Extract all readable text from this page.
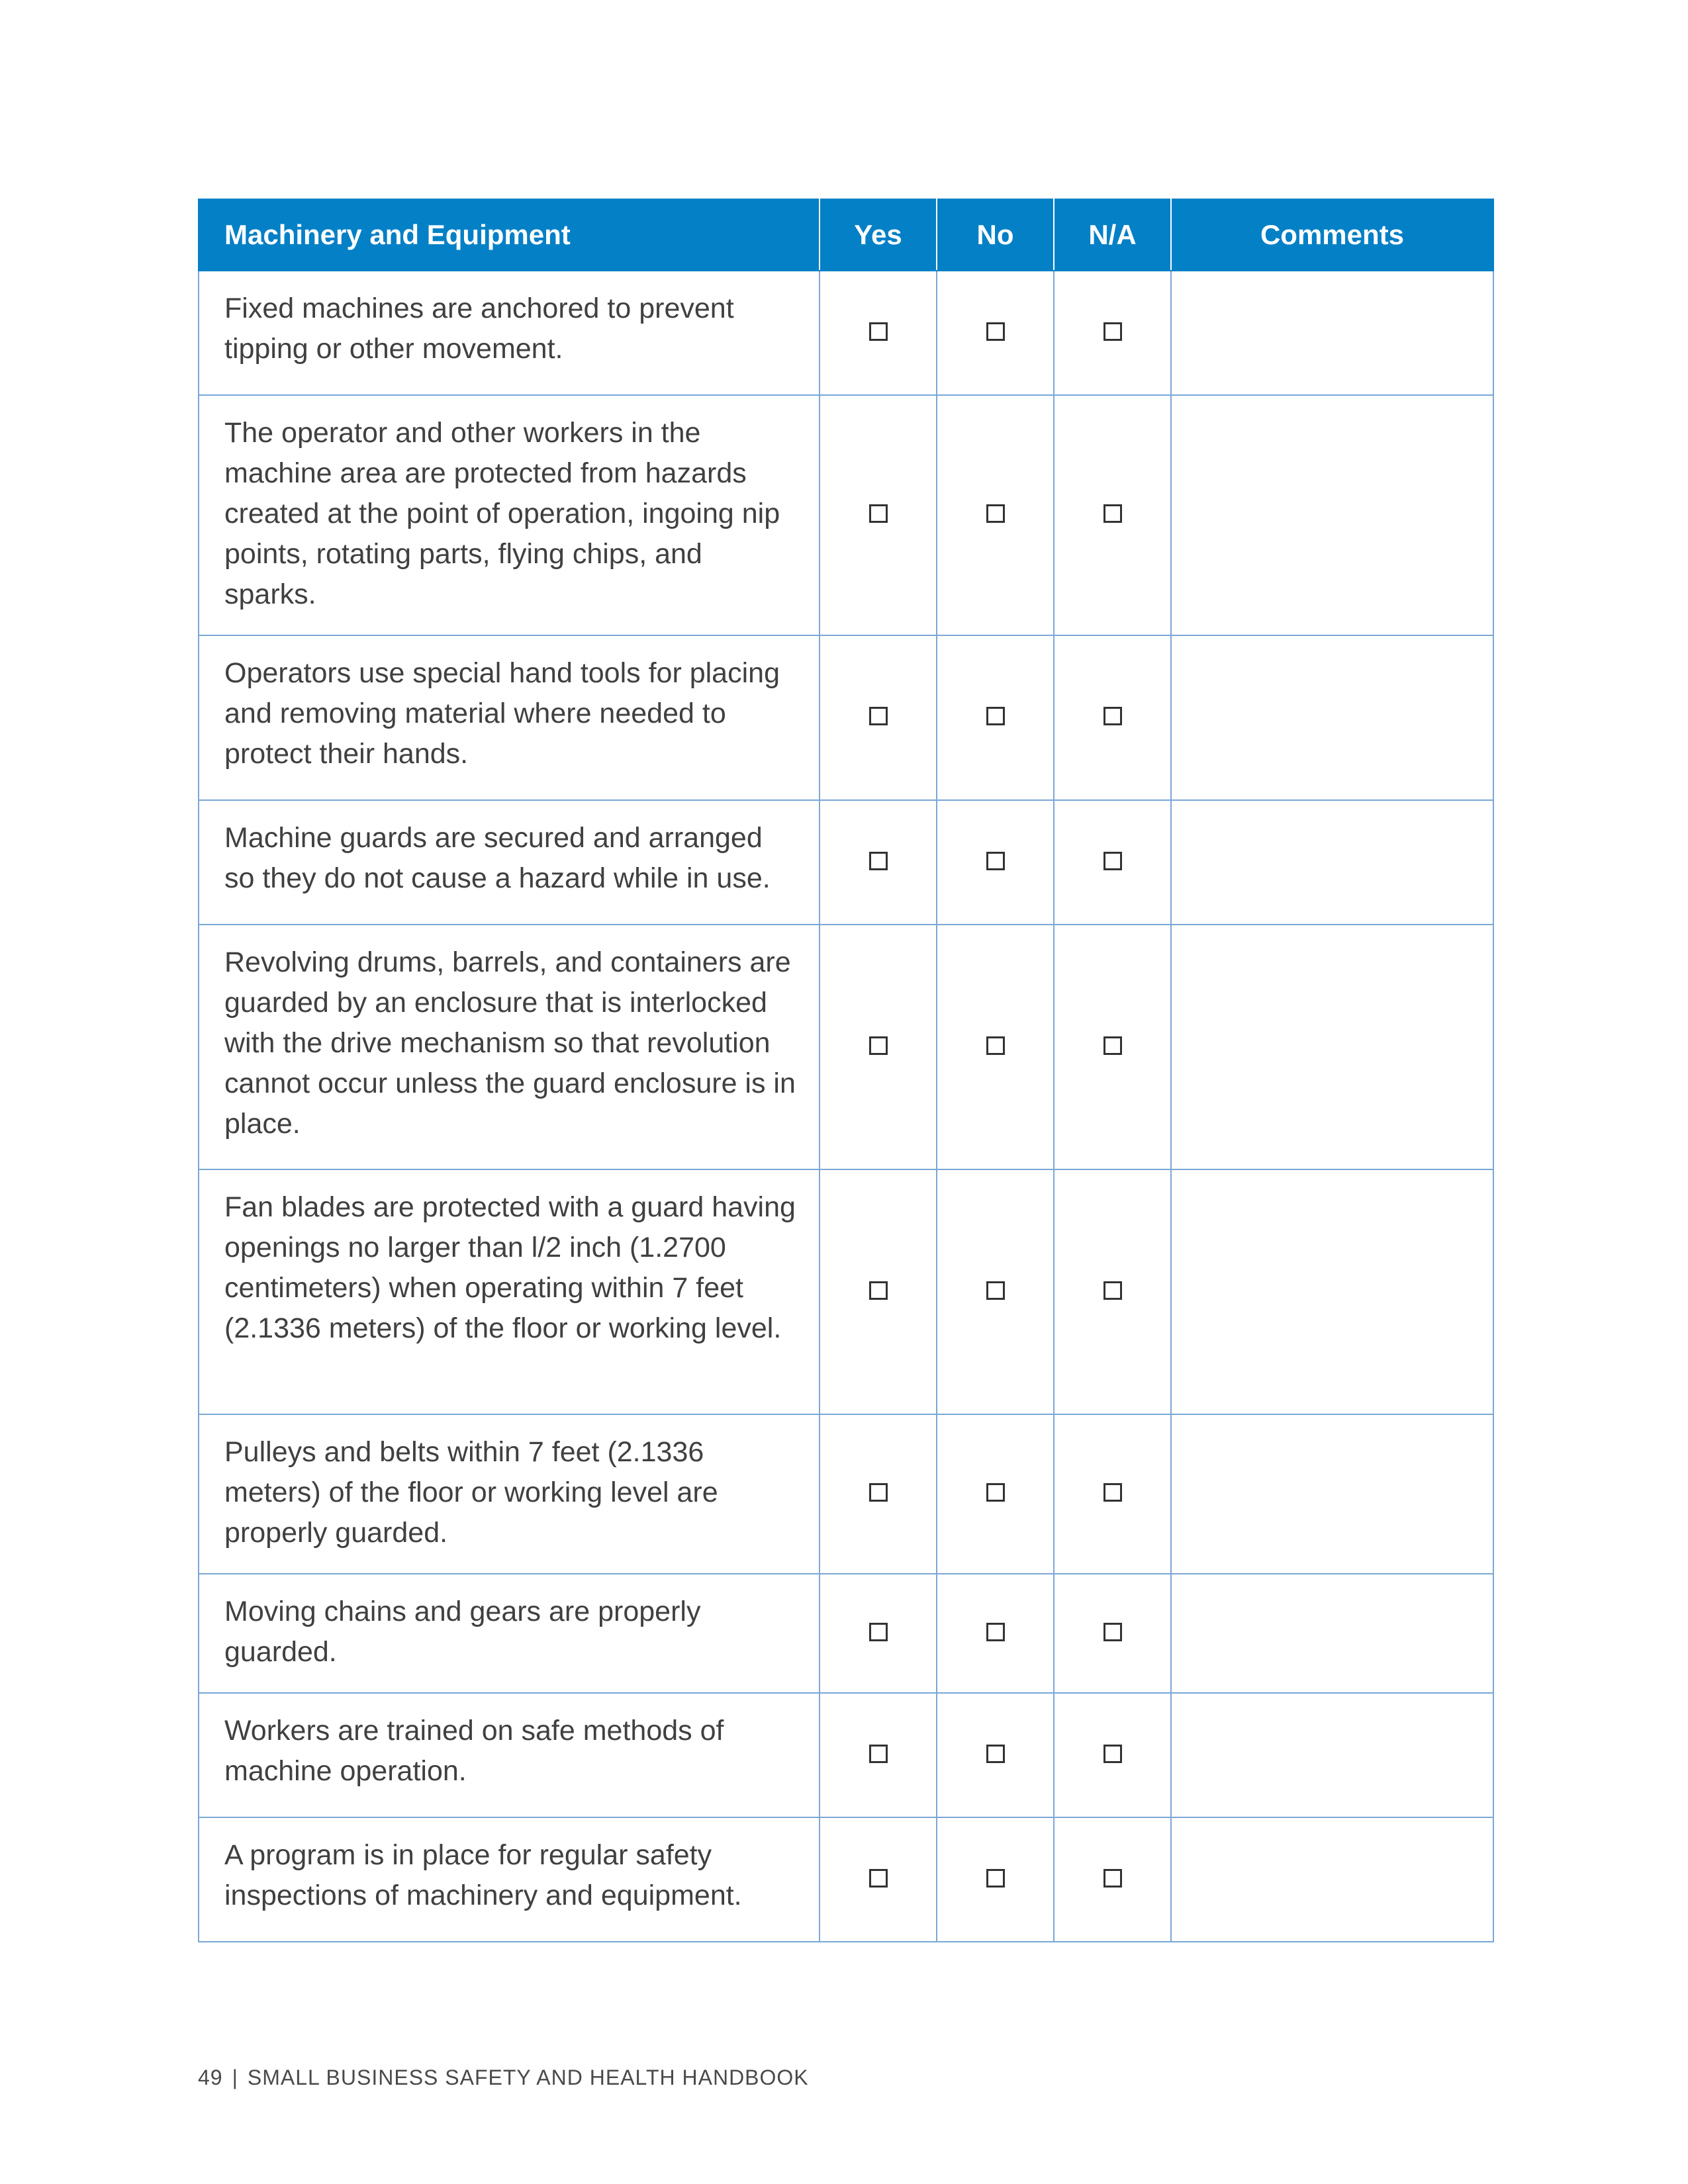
Machinery and Equipment	Yes	No	N/A	Comments
Fixed machines are anchored to prevent tipping or other movement.				
The operator and other workers in the machine area are protected from hazards created at the point of operation, ingoing nip points, rotating parts, flying chips, and sparks.				
Operators use special hand tools for placing and removing material where needed to protect their hands.				
Machine guards are secured and arranged so they do not cause a hazard while in use.				
Revolving drums, barrels, and containers are guarded by an enclosure that is interlocked with the drive mechanism so that revolution cannot occur unless the guard enclosure is in place.				
Fan blades are protected with a guard having openings no larger than l/2 inch (1.2700 centimeters) when operating within 7 feet (2.1336 meters) of the floor or working level.				
Pulleys and belts within 7 feet (2.1336 meters) of the floor or working level are properly guarded.				
Moving chains and gears are properly guarded.				
Workers are trained on safe methods of machine operation.				
A program is in place for regular safety inspections of machinery and equipment.				
49 | SMALL BUSINESS SAFETY AND HEALTH HANDBOOK
